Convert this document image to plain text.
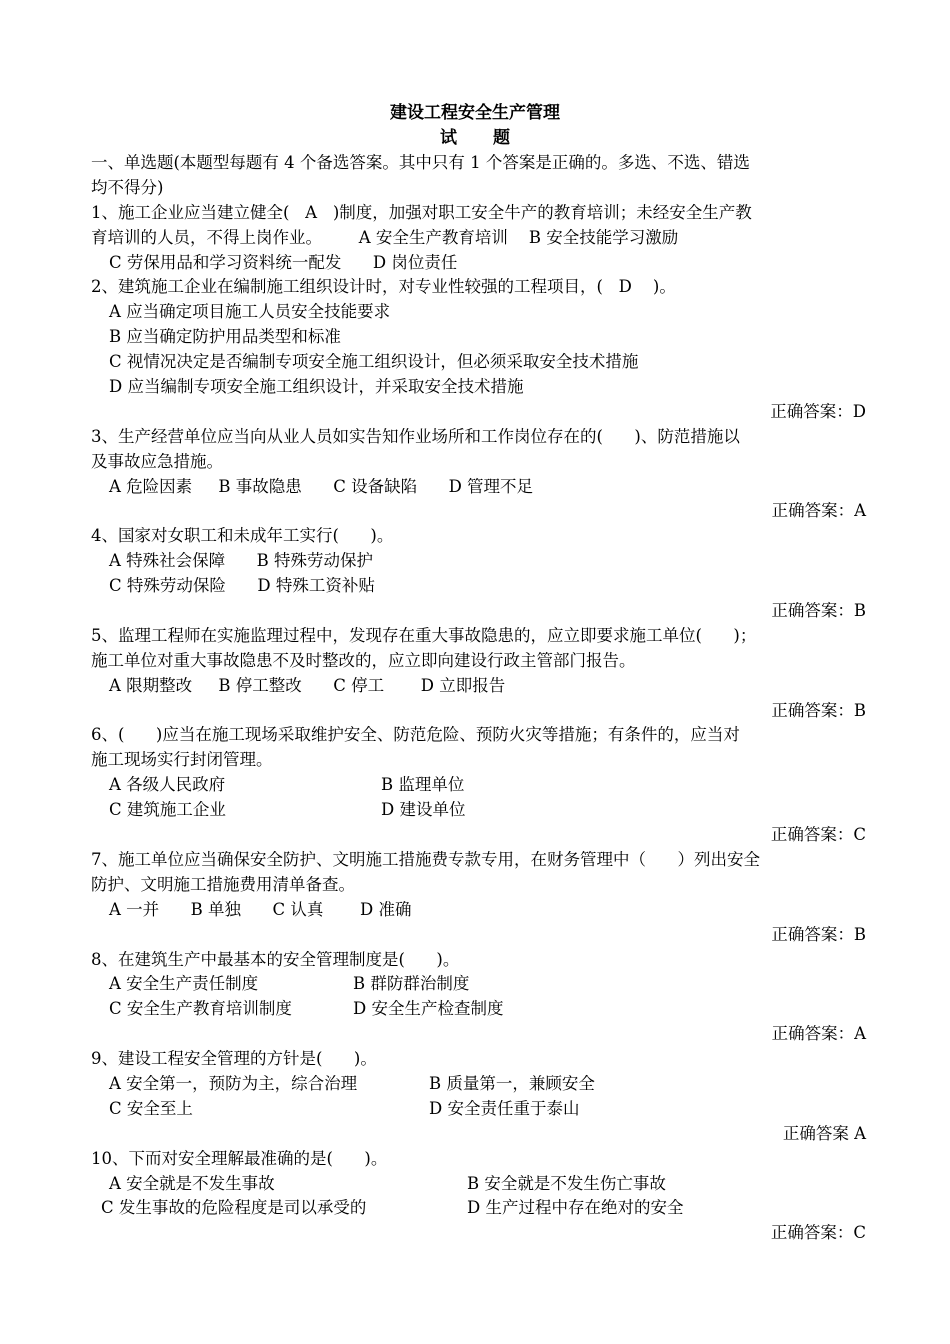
建设工程安全生产管理
试题
一、单选题(本题型每题有 4 个备选答案。其中只有 1 个答案是正确的。多选、不选、错选
均不得分)
1、施工企业应当建立健全(   A   )制度，加强对职工安全牛产的教育培训；未经安全生产教
育培训的人员，不得上岗作业。       A 安全生产教育培训    B 安全技能学习激励
C 劳保用品和学习资料统一配发      D 岗位责任
2、建筑施工企业在编制施工组织设计时，对专业性较强的工程项目，(   D    )。
A 应当确定项目施工人员安全技能要求
B 应当确定防护用品类型和标准
C 视情况决定是否编制专项安全施工组织设计，但必须采取安全技术措施
D 应当编制专项安全施工组织设计，并采取安全技术措施
正确答案：D
3、生产经营单位应当向从业人员如实告知作业场所和工作岗位存在的(      )、防范措施以
及事故应急措施。
A 危险因素     B 事故隐患      C 设备缺陷      D 管理不足
正确答案：A
4、国家对女职工和未成年工实行(      )。
A 特殊社会保障      B 特殊劳动保护
C 特殊劳动保险      D 特殊工资补贴
正确答案：B
5、监理工程师在实施监理过程中，发现存在重大事故隐患的，应立即要求施工单位(      )；
施工单位对重大事故隐患不及时整改的，应立即向建设行政主管部门报告。
A 限期整改     B 停工整改      C 停工       D 立即报告
正确答案：B
6、(      )应当在施工现场采取维护安全、防范危险、预防火灾等措施；有条件的，应当对
施工现场实行封闭管理。
A 各级人民政府	B 监理单位
C 建筑施工企业	D 建设单位
正确答案：C
7、施工单位应当确保安全防护、文明施工措施费专款专用，在财务管理中（      ）列出安全
防护、文明施工措施费用清单备查。
A 一并      B 单独      C 认真       D 准确
正确答案：B
8、在建筑生产中最基本的安全管理制度是(      )。
A 安全生产责任制度	B 群防群治制度
C 安全生产教育培训制度	D 安全生产检查制度
正确答案：A
9、建设工程安全管理的方针是(      )。
A 安全第一，预防为主，综合治理	B 质量第一，兼顾安全
C 安全至上	D 安全责任重于泰山
正确答案 A
10、下而对安全理解最准确的是(      )。
A 安全就是不发生事故	B 安全就是不发生伤亡事故
C 发生事故的危险程度是司以承受的	D 生产过程中存在绝对的安全
正确答案：C
